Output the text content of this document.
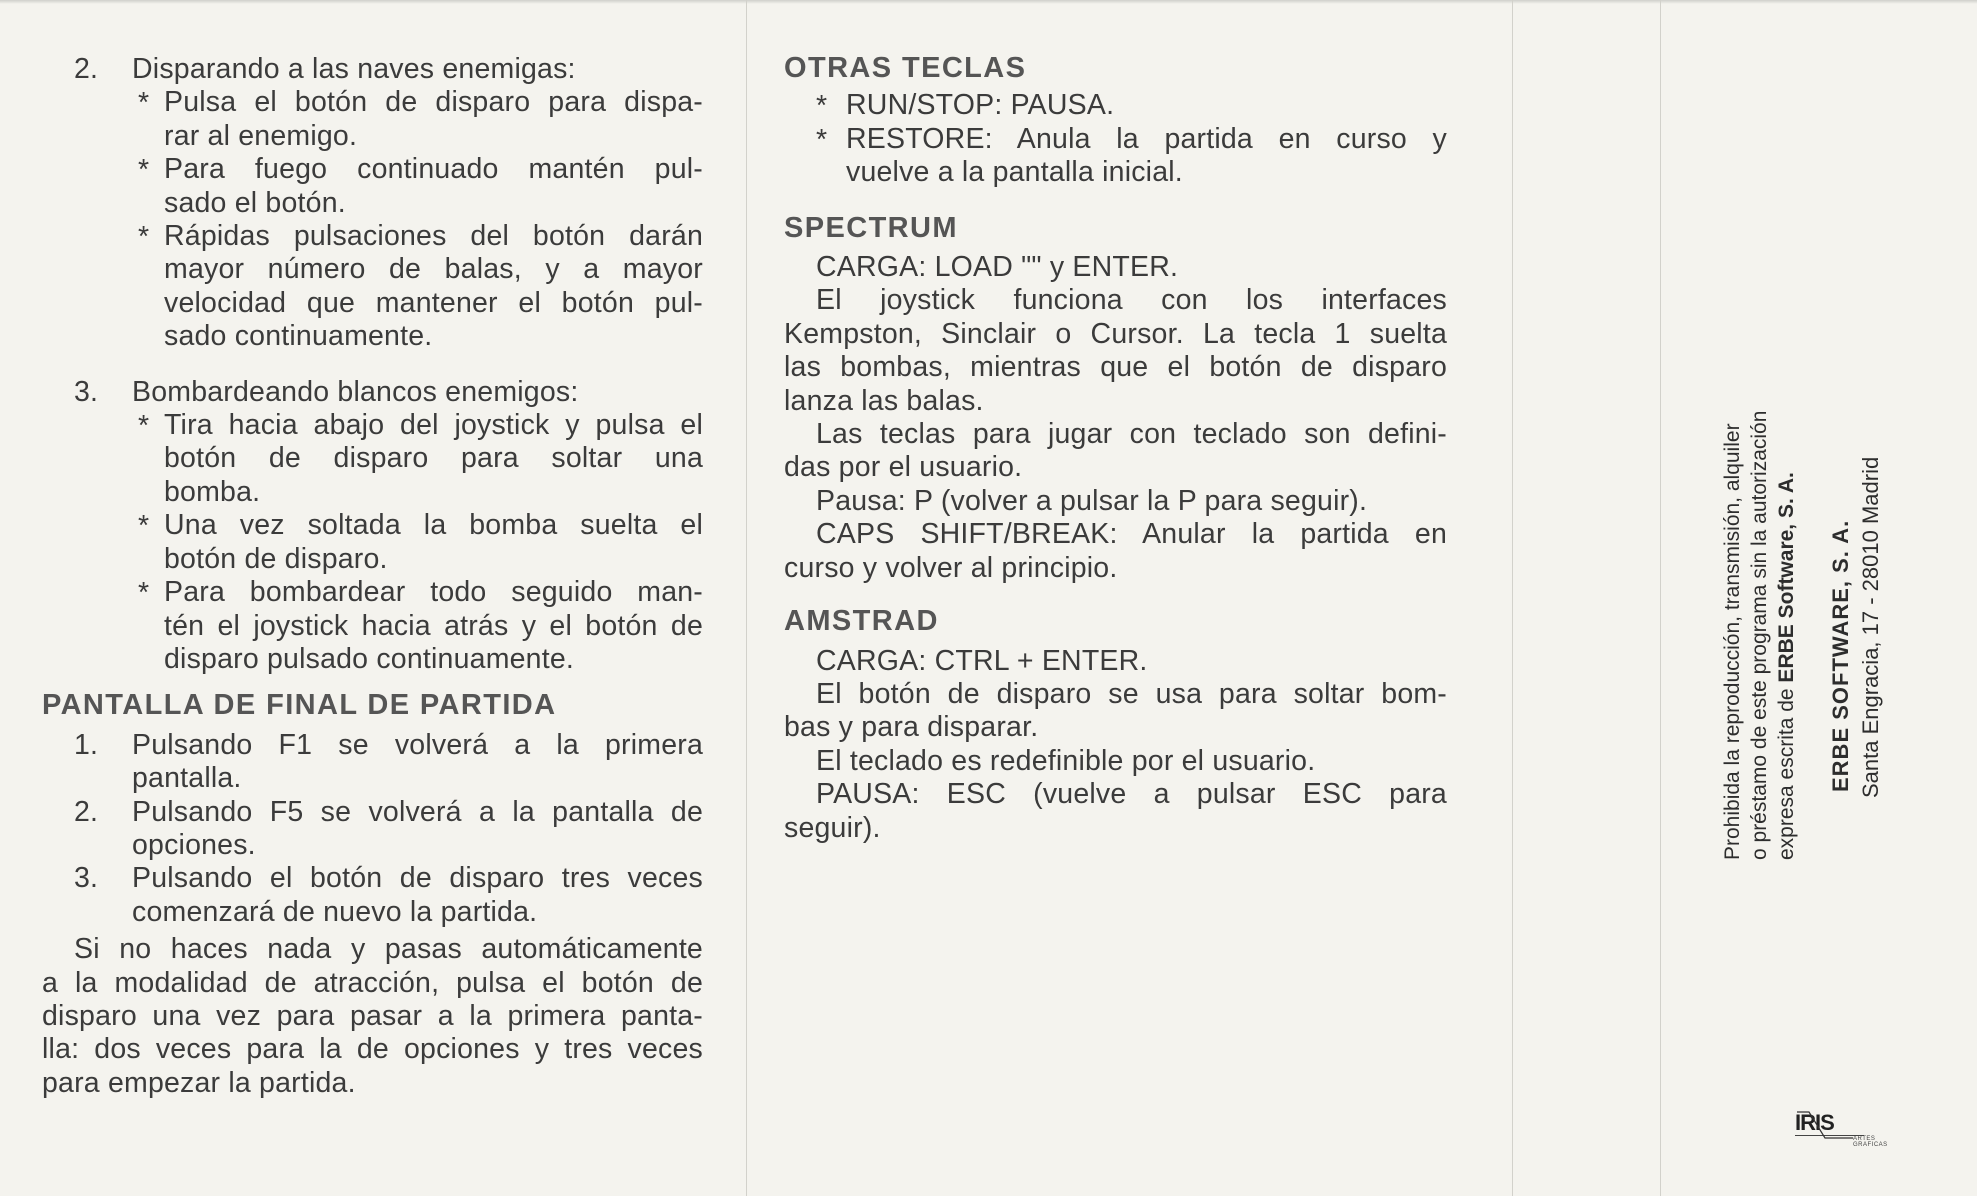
2. Disparando a las naves enemigas:

* Pulsa el botón de disparo para dispa-

rar al enemigo.

* Para fuego continuado mantén pul-

sado el botón.

* Rápidas pulsaciones del botón darán

mayor número de balas, y a mayor

velocidad que mantener el botón pul-

sado continuamente.

3. Bombardeando blancos enemigos:

* Tira hacia abajo del joystick y pulsa el

botón de disparo para soltar una

bomba.

* Una vez soltada la bomba suelta el

botón de disparo.

* Para bombardear todo seguido man-

tén el joystick hacia atrás y el botón de

disparo pulsado continuamente.

PANTALLA DE FINAL DE PARTIDA
1. Pulsando F1 se volverá a la primera

pantalla.

2. Pulsando F5 se volverá a la pantalla de

opciones.

3. Pulsando el botón de disparo tres veces

comenzará de nuevo la partida.

Si no haces nada y pasas automáticamente

a la modalidad de atracción, pulsa el botón de

disparo una vez para pasar a la primera panta-

lla: dos veces para la de opciones y tres veces

para empezar la partida.

OTRAS TECLAS
* RUN/STOP: PAUSA.

* RESTORE: Anula la partida en curso y

vuelve a la pantalla inicial.

SPECTRUM

CARGA: LOAD "" y ENTER.

El joystick funciona con los interfaces

Kempston, Sinclair o Cursor. La tecla 1 suelta

las bombas, mientras que el botón de disparo

lanza las balas.

Las teclas para jugar con teclado son defini-

das por el usuario.

Pausa: P (volver a pulsar la P para seguir).

CAPS SHIFT/BREAK: Anular la partida en

curso y volver al principio.

AMSTRAD

CARGA: CTRL + ENTER.

El botón de disparo se usa para soltar bom-

bas y para disparar.

El teclado es redefinible por el usuario.

PAUSA: ESC (vuelve a pulsar ESC para

seguir).	Prohibida la reproducción, transmisión, alquiler o préstamo de este programa sin la autorización expresa escrita de ERBE Software, S. A. ERBE SOFTWARE, S. A. Santa Engracia, 17 - 28010 Madrid
IRIS
ARTES GRAFICAS
